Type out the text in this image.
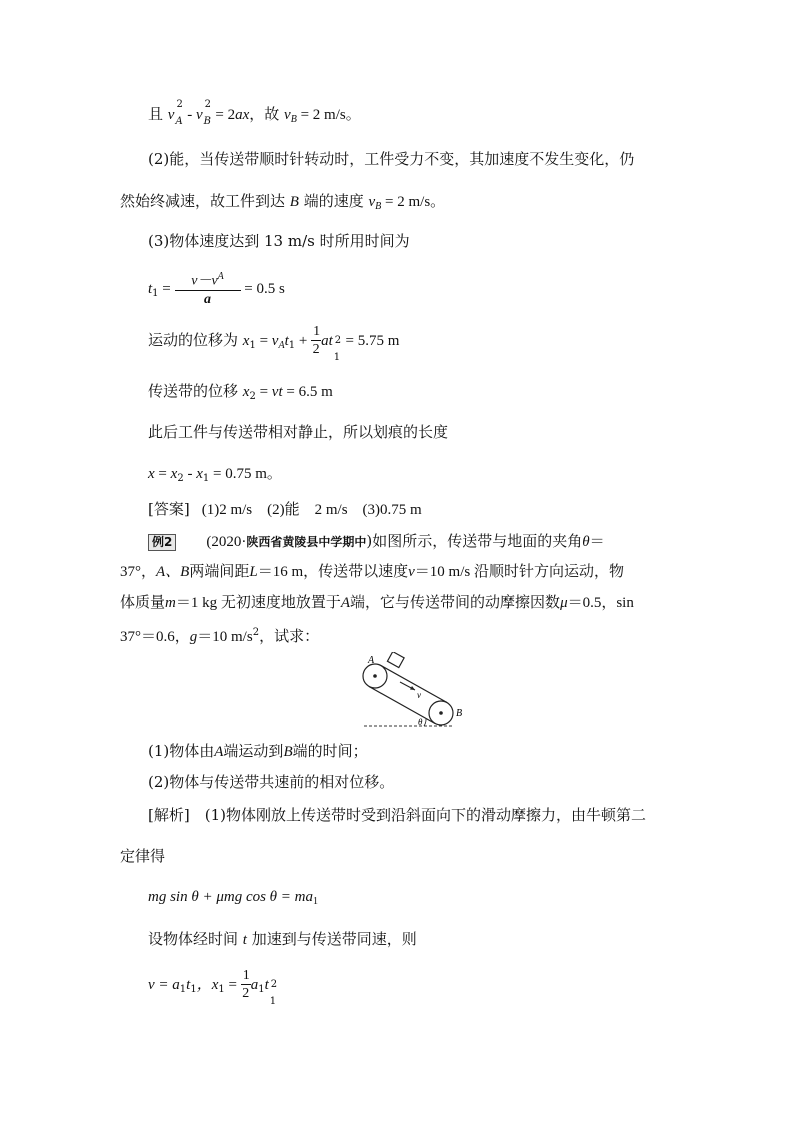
且 v
2
A - v
2
B = 2ax，故 $v_B = 2$ m/s。
(2)能，当传送带顺时针转动时，工件受力不变，其加速度不发生变化，仍
然始终减速，故工件到达 B 端的速度 $v_B = 2$ m/s。
(3)物体速度达到 13 m/s 时所用时间为
$t_1 = \frac{v-v^A}{a} = 0.5$ s
运动的位移为 $x_1 = v_At_1 + \frac{1}{2}$ at 2
1
= 5.75 m
传送带的位移 $x_2$ = vt = 6.5 m
此后工件与传送带相对静止，所以划痕的长度
$x = x_2 - x_1 = 0.75$ m。
[答案] (1)2 m/s　(2)能　2 m/s　(3)0.75 m
例2 (2020·陕西省黄陵县中学期中)如图所示，传送带与地面的夹角θ＝
37°，A、B两端间距L＝16 m，传送带以速度v＝10 m/s 沿顺时针方向运动，物
体质量m＝1 kg 无初速度地放置于A端，它与传送带间的动摩擦因数μ＝0.5，sin
37°＝0.6，g＝10 $m/s^2$，试求：
A
B
v
θ
(1)物体由A端运动到B端的时间；
(2)物体与传送带共速前的相对位移。
[解析]　(1)物体刚放上传送带时受到沿斜面向下的滑动摩擦力，由牛顿第二
定律得
mg sin θ + μmg $\cos \theta = ma_1$
设物体经时间 t 加速到与传送带同速，则
$v = a_1t_1$，$x_1 = \frac{1}{2} a_1t$ 2
1
